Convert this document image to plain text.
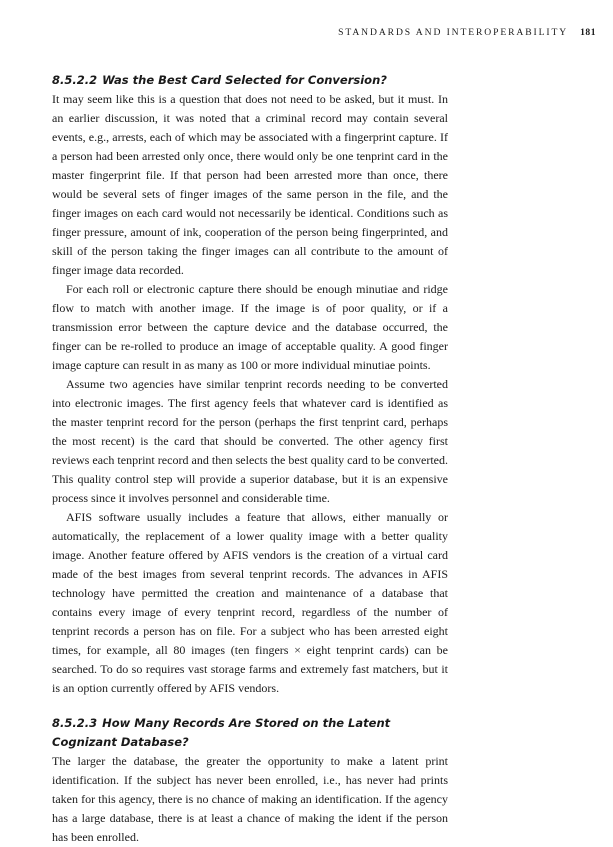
STANDARDS AND INTEROPERABILITY 181
8.5.2.2 Was the Best Card Selected for Conversion?

It may seem like this is a question that does not need to be asked, but it must. In an earlier discussion, it was noted that a criminal record may contain several events, e.g., arrests, each of which may be associated with a fingerprint capture. If a person had been arrested only once, there would only be one tenprint card in the master fingerprint file. If that person had been arrested more than once, there would be several sets of finger images of the same person in the file, and the finger images on each card would not necessarily be identical. Conditions such as finger pressure, amount of ink, cooperation of the person being fingerprinted, and skill of the person taking the finger images can all contribute to the amount of finger image data recorded.

For each roll or electronic capture there should be enough minutiae and ridge flow to match with another image. If the image is of poor quality, or if a transmission error between the capture device and the database occurred, the finger can be re-rolled to produce an image of acceptable quality. A good finger image capture can result in as many as 100 or more individual minutiae points.

Assume two agencies have similar tenprint records needing to be converted into electronic images. The first agency feels that whatever card is identified as the master tenprint record for the person (perhaps the first tenprint card, perhaps the most recent) is the card that should be converted. The other agency first reviews each tenprint record and then selects the best quality card to be converted. This quality control step will provide a superior database, but it is an expensive process since it involves personnel and considerable time.

AFIS software usually includes a feature that allows, either manually or automatically, the replacement of a lower quality image with a better quality image. Another feature offered by AFIS vendors is the creation of a virtual card made of the best images from several tenprint records. The advances in AFIS technology have permitted the creation and maintenance of a database that contains every image of every tenprint record, regardless of the number of tenprint records a person has on file. For a subject who has been arrested eight times, for example, all 80 images (ten fingers × eight tenprint cards) can be searched. To do so requires vast storage farms and extremely fast matchers, but it is an option currently offered by AFIS vendors.

8.5.2.3 How Many Records Are Stored on the Latent
Cognizant Database?

The larger the database, the greater the opportunity to make a latent print identification. If the subject has never been enrolled, i.e., has never had prints taken for this agency, there is no chance of making an identification. If the agency has a large database, there is at least a chance of making the ident if the person has been enrolled.
